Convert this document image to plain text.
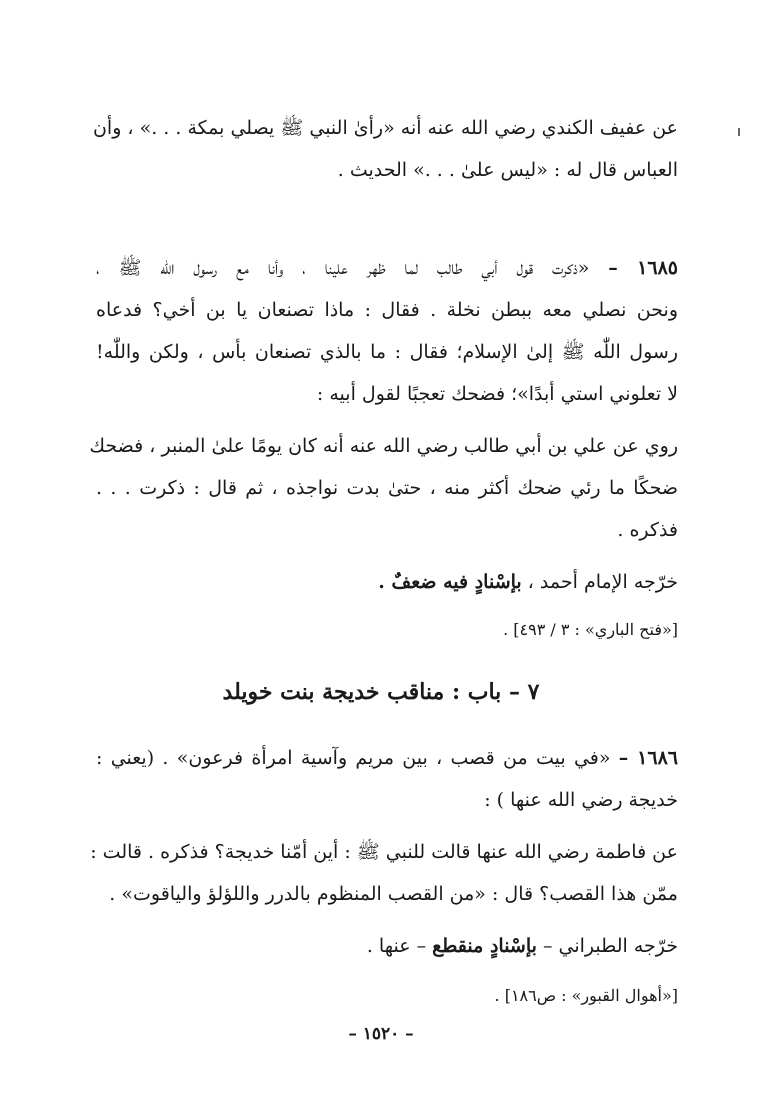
عن عفيف الكندي رضي الله عنه أنه «رأىٰ النبي ﷺ يصلي بمكة . . .» ، وأن
العباس قال له : «ليس علىٰ . . .» الحديث .
١٦٨٥ – «ذكرت قول أبي طالب لما ظهر علينا ، وأنا مع رسول اللّٰه ﷺ ،
ونحن نصلي معه ببطن نخلة . فقال : ماذا تصنعان يا بن أخي؟ فدعاه
رسول اللّٰه ﷺ إلىٰ الإسلام؛ فقال : ما بالذي تصنعان بأس ، ولكن واللّٰه!
لا تعلوني استي أبدًا»؛ فضحك تعجبًا لقول أبيه :
روي عن علي بن أبي طالب رضي الله عنه أنه كان يومًا علىٰ المنبر ، فضحك
ضحكًا ما رئي ضحك أكثر منه ، حتىٰ بدت نواجذه ، ثم قال : ذكرت . . .
فذكره .
خرّجه الإمام أحمد ، بإسْنادٍ فيه ضعفٌ .
[«فتح الباري» : ٣ / ٤٩٣] .
٧ – باب : مناقب خديجة بنت خويلد
١٦٨٦ – «في بيت من قصب ، بين مريم وآسية امرأة فرعون» . (يعني :
خديجة رضي الله عنها ) :
عن فاطمة رضي الله عنها قالت للنبي ﷺ : أين أمّنا خديجة؟ فذكره . قالت :
ممّن هذا القصب؟ قال : «من القصب المنظوم بالدرر واللؤلؤ والياقوت» .
خرّجه الطبراني – بإسْنادٍ منقطع – عنها .
[«أهوال القبور» : ص١٨٦] .
– ١٥٢٠ –
